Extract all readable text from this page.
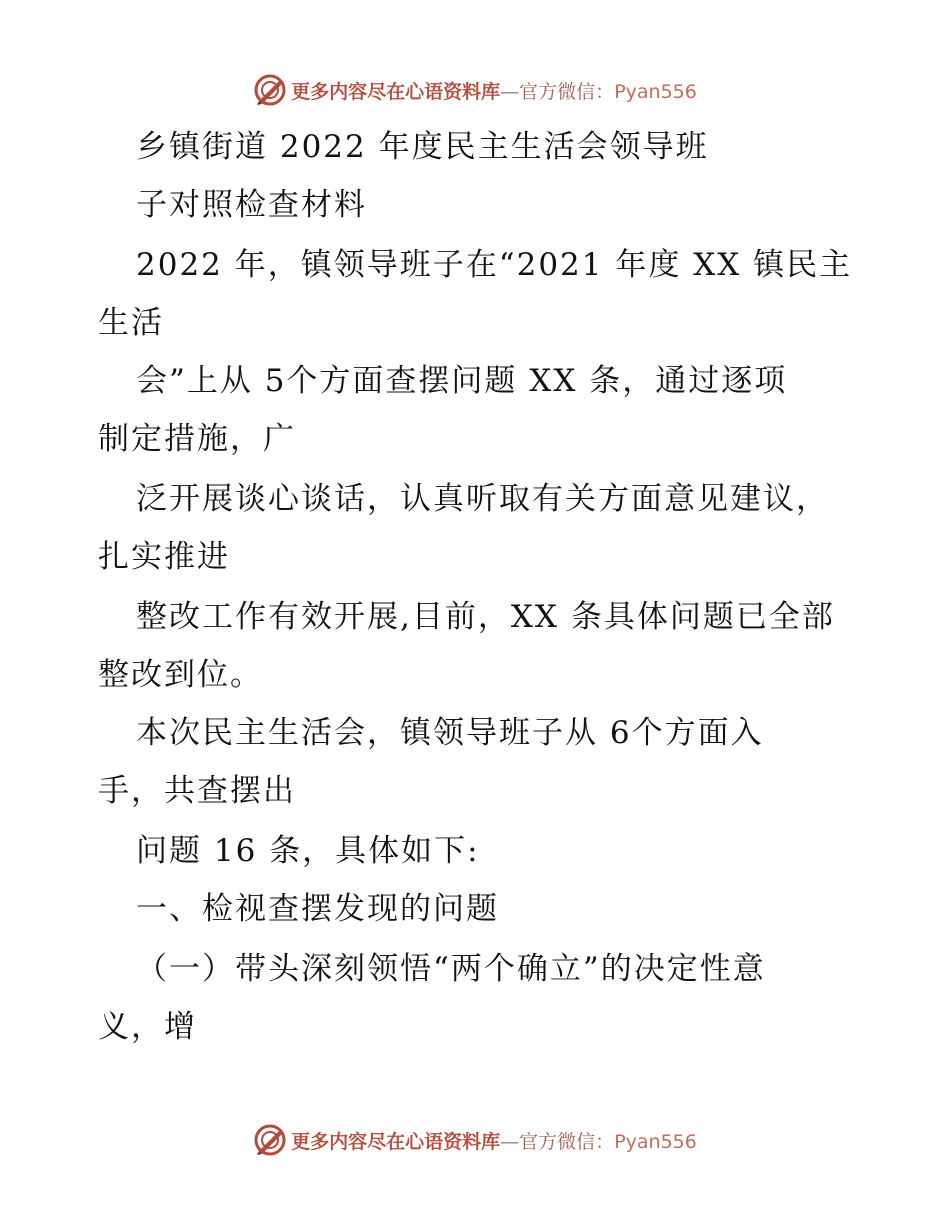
更多内容尽在心语资料库—官方微信：Pyan556
乡镇街道 2022 年度民主生活会领导班
子对照检查材料
2022 年，镇领导班子在“2021 年度 XX 镇民主
生活
会”上从 5个方面查摆问题 XX 条，通过逐项
制定措施，广
泛开展谈心谈话，认真听取有关方面意见建议，
扎实推进
整改工作有效开展,目前，XX 条具体问题已全部
整改到位。
本次民主生活会，镇领导班子从 6个方面入
手，共查摆出
问题 16 条，具体如下:
一、检视查摆发现的问题
（一）带头深刻领悟“两个确立”的决定性意
义，增
更多内容尽在心语资料库—官方微信：Pyan556
